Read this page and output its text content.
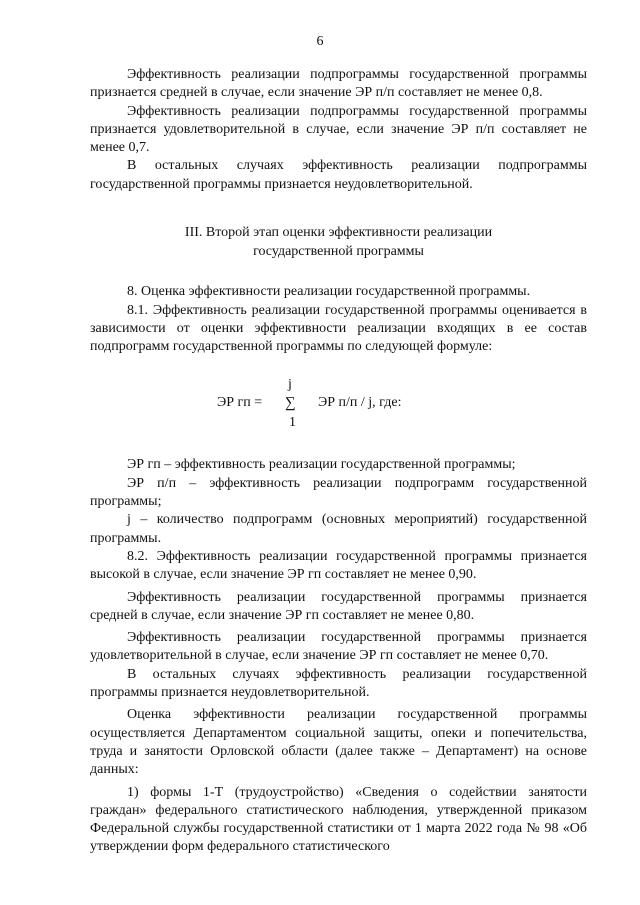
6

Эффективность реализации подпрограммы государственной программы признается средней в случае, если значение ЭР п/п составляет не менее 0,8.

Эффективность реализации подпрограммы государственной программы признается удовлетворительной в случае, если значение ЭР п/п составляет не менее 0,7.

В остальных случаях эффективность реализации подпрограммы государственной программы признается неудовлетворительной.

III. Второй этап оценки эффективности реализации
государственной программы

8. Оценка эффективности реализации государственной программы.

8.1. Эффективность реализации государственной программы оценивается в зависимости от оценки эффективности реализации входящих в ее состав подпрограмм государственной программы по следующей формуле:

ЭР гп =
j
∑
1
ЭР п/п / j, где:

ЭР гп – эффективность реализации государственной программы;

ЭР п/п – эффективность реализации подпрограмм государственной программы;

j – количество подпрограмм (основных мероприятий) государственной программы.

8.2. Эффективность реализации государственной программы признается высокой в случае, если значение ЭР гп составляет не менее 0,90.

Эффективность реализации государственной программы признается средней в случае, если значение ЭР гп составляет не менее 0,80.

Эффективность реализации государственной программы признается удовлетворительной в случае, если значение ЭР гп составляет не менее 0,70.

В остальных случаях эффективность реализации государственной программы признается неудовлетворительной.

Оценка эффективности реализации государственной программы осуществляется Департаментом социальной защиты, опеки и попечительства, труда и занятости Орловской области (далее также – Департамент) на основе данных:

1) формы 1-Т (трудоустройство) «Сведения о содействии занятости граждан» федерального статистического наблюдения, утвержденной приказом Федеральной службы государственной статистики от 1 марта 2022 года № 98 «Об утверждении форм федерального статистического
